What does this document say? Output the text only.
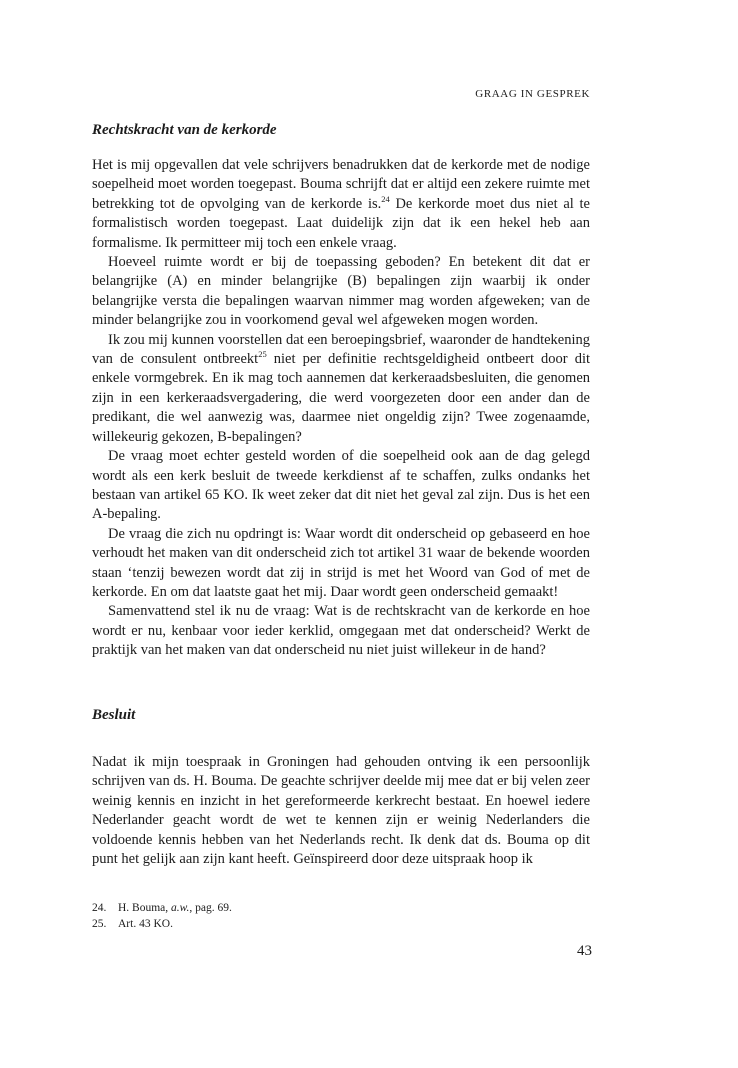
GRAAG IN GESPREK
Rechtskracht van de kerkorde

Het is mij opgevallen dat vele schrijvers benadrukken dat de kerkorde met de nodige soepelheid moet worden toegepast. Bouma schrijft dat er altijd een zekere ruimte met betrekking tot de opvolging van de kerkorde is.$^{24}$ De kerkorde moet dus niet al te formalistisch worden toegepast. Laat duidelijk zijn dat ik een hekel heb aan formalisme. Ik permitteer mij toch een enkele vraag.

Hoeveel ruimte wordt er bij de toepassing geboden? En betekent dit dat er belangrijke (A) en minder belangrijke (B) bepalingen zijn waarbij ik onder belangrijke versta die bepalingen waarvan nimmer mag worden afgeweken; van de minder belangrijke zou in voorkomend geval wel afgeweken mogen worden.

Ik zou mij kunnen voorstellen dat een beroepingsbrief, waaronder de handtekening van de consulent ontbreekt$^{25}$ niet per definitie rechtsgeldigheid ontbeert door dit enkele vormgebrek. En ik mag toch aannemen dat kerkeraadsbesluiten, die genomen zijn in een kerkeraadsvergadering, die werd voorgezeten door een ander dan de predikant, die wel aanwezig was, daarmee niet ongeldig zijn? Twee zogenaamde, willekeurig gekozen, B-bepalingen?

De vraag moet echter gesteld worden of die soepelheid ook aan de dag gelegd wordt als een kerk besluit de tweede kerkdienst af te schaffen, zulks ondanks het bestaan van artikel 65 KO. Ik weet zeker dat dit niet het geval zal zijn. Dus is het een A-bepaling.

De vraag die zich nu opdringt is: Waar wordt dit onderscheid op gebaseerd en hoe verhoudt het maken van dit onderscheid zich tot artikel 31 waar de bekende woorden staan ‘tenzij bewezen wordt dat zij in strijd is met het Woord van God of met de kerkorde. En om dat laatste gaat het mij. Daar wordt geen onderscheid gemaakt!

Samenvattend stel ik nu de vraag: Wat is de rechtskracht van de kerkorde en hoe wordt er nu, kenbaar voor ieder kerklid, omgegaan met dat onderscheid? Werkt de praktijk van het maken van dat onderscheid nu niet juist willekeur in de hand?

Besluit

Nadat ik mijn toespraak in Groningen had gehouden ontving ik een persoonlijk schrijven van ds. H. Bouma. De geachte schrijver deelde mij mee dat er bij velen zeer weinig kennis en inzicht in het gereformeerde kerkrecht bestaat. En hoewel iedere Nederlander geacht wordt de wet te kennen zijn er weinig Nederlanders die voldoende kennis hebben van het Nederlands recht. Ik denk dat ds. Bouma op dit punt het gelijk aan zijn kant heeft. Geïnspireerd door deze uitspraak hoop ik

24. H. Bouma, a.w., pag. 69.
25. Art. 43 KO.
43
